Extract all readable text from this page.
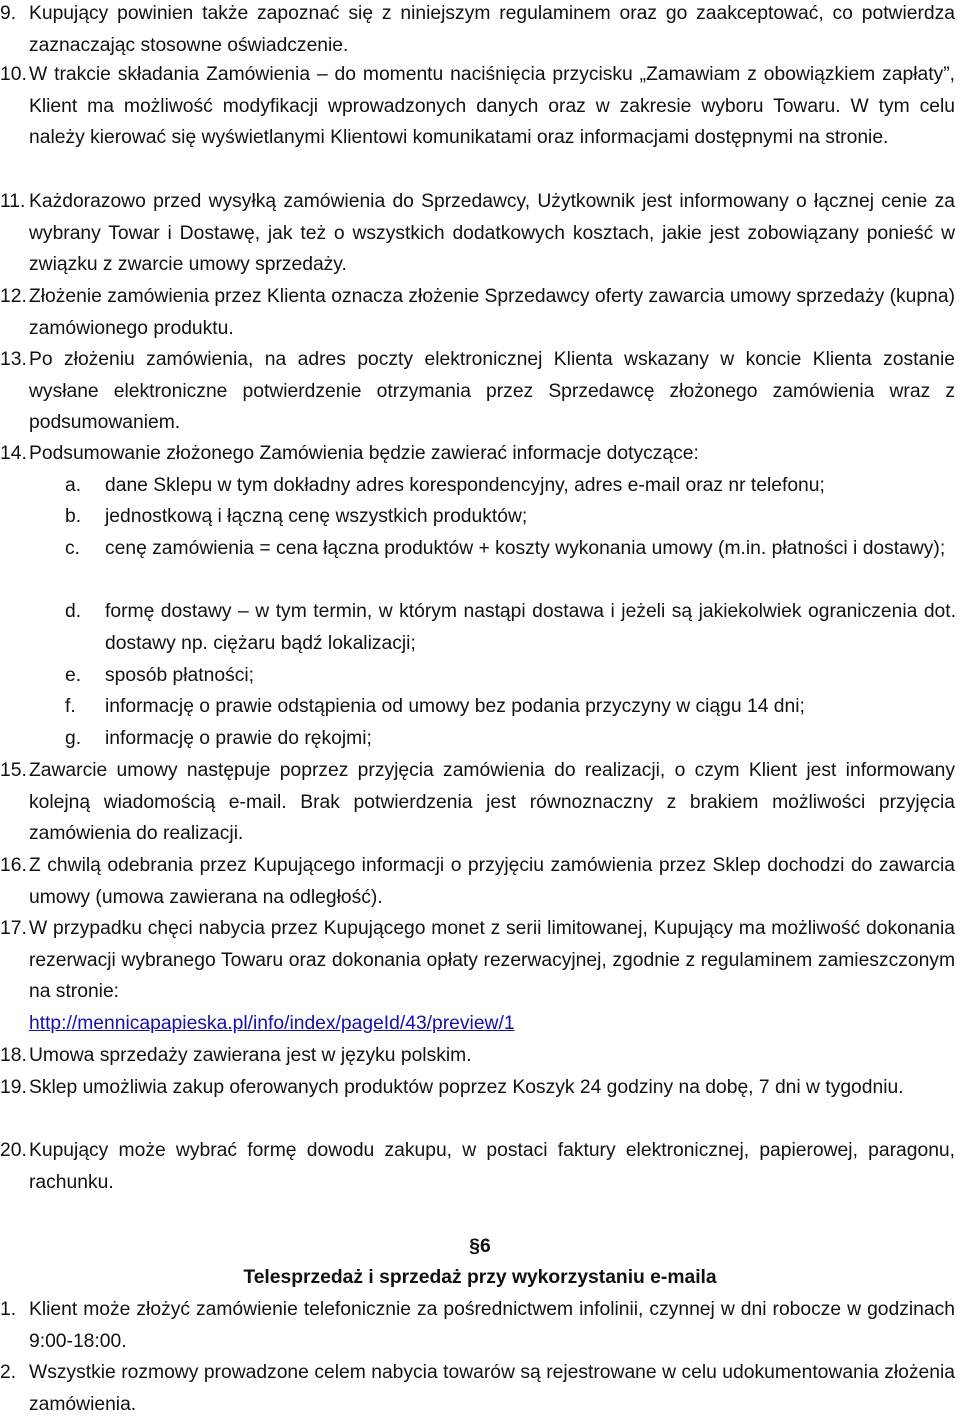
9. Kupujący powinien także zapoznać się z niniejszym regulaminem oraz go zaakceptować, co potwierdza zaznaczając stosowne oświadczenie.
10. W trakcie składania Zamówienia – do momentu naciśnięcia przycisku „Zamawiam z obowiązkiem zapłaty”, Klient ma możliwość modyfikacji wprowadzonych danych oraz w zakresie wyboru Towaru. W tym celu należy kierować się wyświetlanymi Klientowi komunikatami oraz informacjami dostępnymi na stronie.
11. Każdorazowo przed wysyłką zamówienia do Sprzedawcy, Użytkownik jest informowany o łącznej cenie za wybrany Towar i Dostawę, jak też o wszystkich dodatkowych kosztach, jakie jest zobowiązany ponieść w związku z zwarcie umowy sprzedaży.
12. Złożenie zamówienia przez Klienta oznacza złożenie Sprzedawcy oferty zawarcia umowy sprzedaży (kupna) zamówionego produktu.
13. Po złożeniu zamówienia, na adres poczty elektronicznej Klienta wskazany w koncie Klienta zostanie wysłane elektroniczne potwierdzenie otrzymania przez Sprzedawcę złożonego zamówienia wraz z podsumowaniem.
14. Podsumowanie złożonego Zamówienia będzie zawierać informacje dotyczące:
a. dane Sklepu w tym dokładny adres korespondencyjny, adres e-mail oraz nr telefonu;
b. jednostkową i łączną cenę wszystkich produktów;
c. cenę zamówienia = cena łączna produktów + koszty wykonania umowy (m.in. płatności i dostawy);
d. formę dostawy – w tym termin, w którym nastąpi dostawa i jeżeli są jakiekolwiek ograniczenia dot. dostawy np. ciężaru bądź lokalizacji;
e. sposób płatności;
f. informację o prawie odstąpienia od umowy bez podania przyczyny w ciągu 14 dni;
g. informację o prawie do rękojmi;
15. Zawarcie umowy następuje poprzez przyjęcia zamówienia do realizacji, o czym Klient jest informowany kolejną wiadomością e-mail. Brak potwierdzenia jest równoznaczny z brakiem możliwości przyjęcia zamówienia do realizacji.
16. Z chwilą odebrania przez Kupującego informacji o przyjęciu zamówienia przez Sklep dochodzi do zawarcia umowy (umowa zawierana na odległość).
17. W przypadku chęci nabycia przez Kupującego monet z serii limitowanej, Kupujący ma możliwość dokonania rezerwacji wybranego Towaru oraz dokonania opłaty rezerwacyjnej, zgodnie z regulaminem zamieszczonym na stronie:
http://mennicapapieska.pl/info/index/pageId/43/preview/1
18. Umowa sprzedaży zawierana jest w języku polskim.
19. Sklep umożliwia zakup oferowanych produktów poprzez Koszyk 24 godziny na dobę, 7 dni w tygodniu.
20. Kupujący może wybrać formę dowodu zakupu, w postaci faktury elektronicznej, papierowej, paragonu, rachunku.
§6
Telesprzedaż i sprzedaż przy wykorzystaniu e-maila
1. Klient może złożyć zamówienie telefonicznie za pośrednictwem infolinii, czynnej w dni robocze w godzinach 9:00-18:00.
2. Wszystkie rozmowy prowadzone celem nabycia towarów są rejestrowane w celu udokumentowania złożenia zamówienia.
